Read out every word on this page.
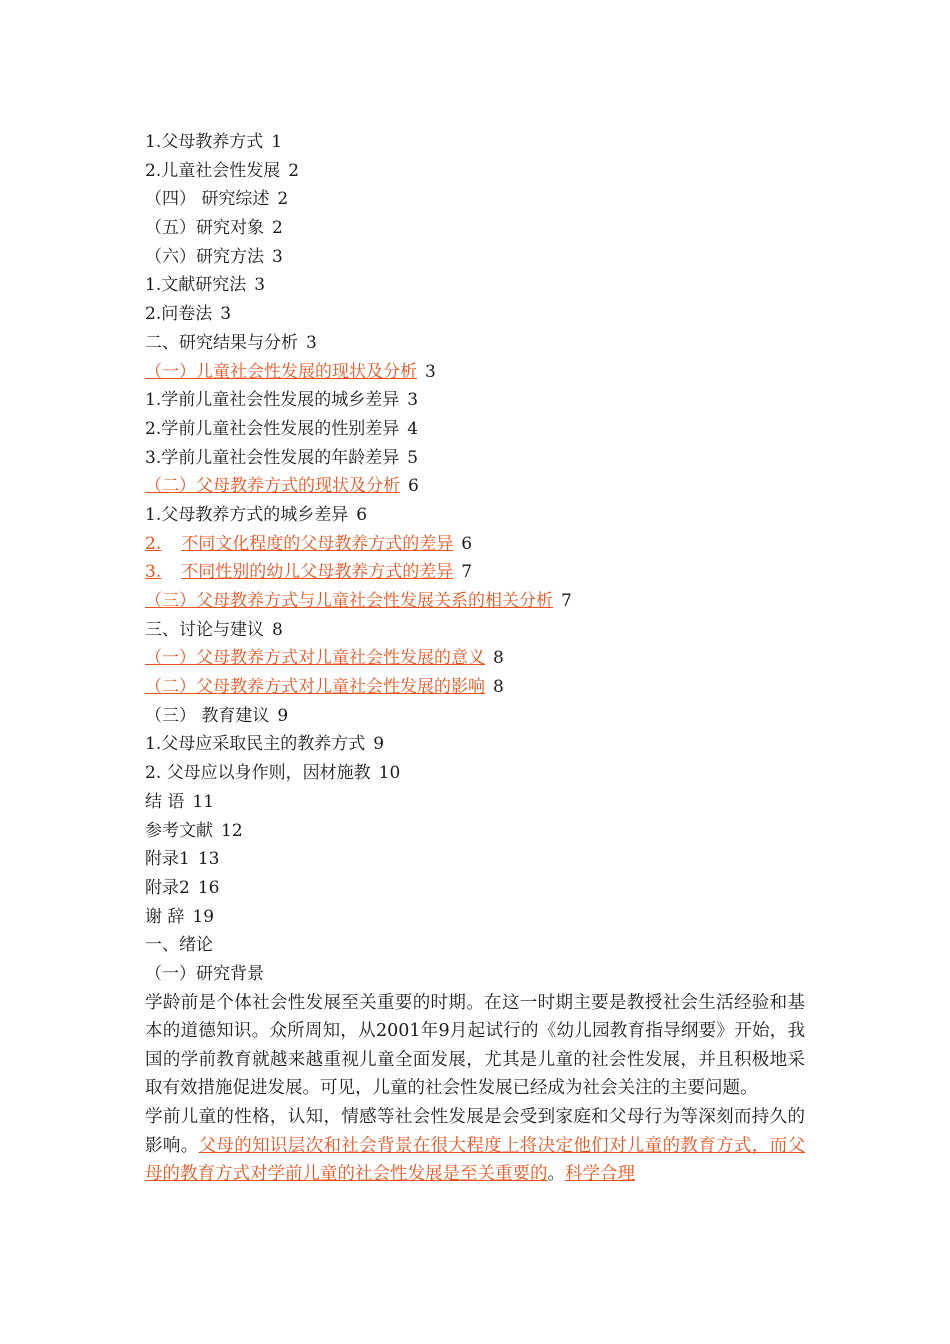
1.父母教养方式 1
2.儿童社会性发展 2
（四） 研究综述 2
（五）研究对象 2
（六）研究方法 3
1.文献研究法 3
2.问卷法 3
二、研究结果与分析 3
（一）儿童社会性发展的现状及分析 3
1.学前儿童社会性发展的城乡差异 3
2.学前儿童社会性发展的性别差异 4
3.学前儿童社会性发展的年龄差异 5
（二）父母教养方式的现状及分析 6
1.父母教养方式的城乡差异 6
2. 不同文化程度的父母教养方式的差异 6
3. 不同性别的幼儿父母教养方式的差异 7
（三）父母教养方式与儿童社会性发展关系的相关分析 7
三、讨论与建议 8
（一）父母教养方式对儿童社会性发展的意义 8
（二）父母教养方式对儿童社会性发展的影响 8
（三） 教育建议 9
1.父母应采取民主的教养方式 9
2. 父母应以身作则，因材施教 10
结 语 11
参考文献 12
附录1 13
附录2 16
谢 辞 19
一、绪论
（一）研究背景
学龄前是个体社会性发展至关重要的时期。在这一时期主要是教授社会生活经验和基本的道德知识。众所周知，从2001年9月起试行的《幼儿园教育指导纲要》开始，我国的学前教育就越来越重视儿童全面发展，尤其是儿童的社会性发展，并且积极地采取有效措施促进发展。可见，儿童的社会性发展已经成为社会关注的主要问题。
学前儿童的性格，认知，情感等社会性发展是会受到家庭和父母行为等深刻而持久的影响。父母的知识层次和社会背景在很大程度上将决定他们对儿童的教育方式，而父母的教育方式对学前儿童的社会性发展是至关重要的。科学合理
